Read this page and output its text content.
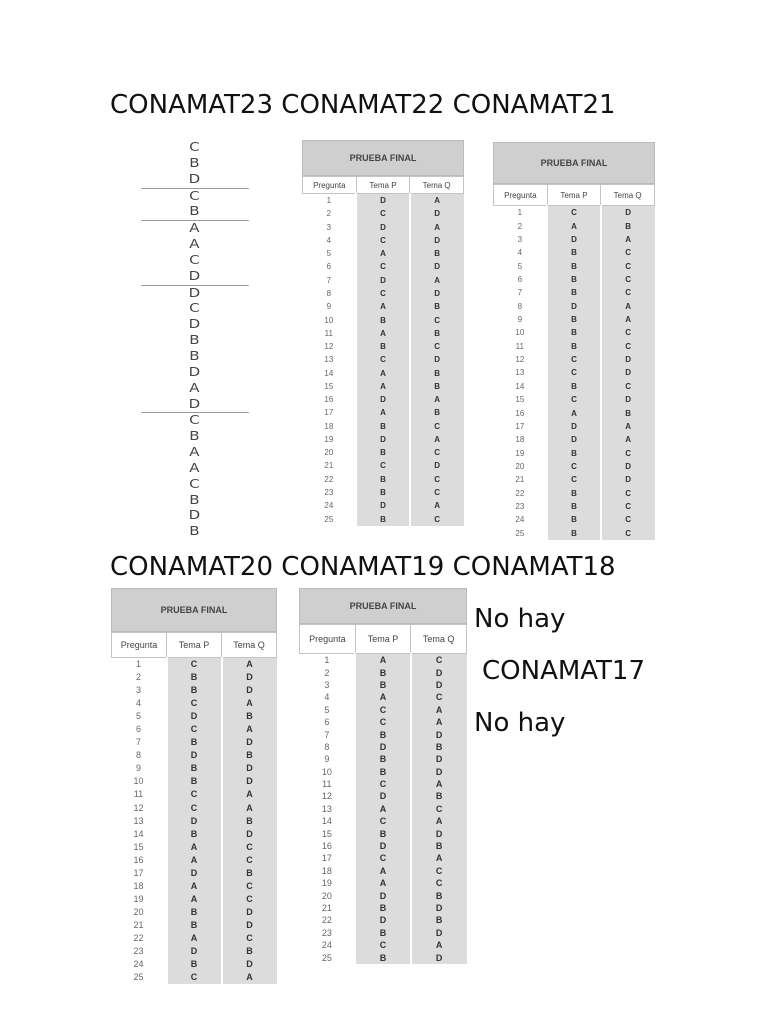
CONAMAT23 CONAMAT22 CONAMAT21
C
B
D
C
B
A
A
C
D
D
C
D
B
B
D
A
D
C
B
A
A
C
B
D
B
PRUEBA FINAL
Pregunta	Tema P	Tema Q
1	D	A
2	C	D
3	D	A
4	C	D
5	A	B
6	C	D
7	D	A
8	C	D
9	A	B
10	B	C
11	A	B
12	B	C
13	C	D
14	A	B
15	A	B
16	D	A
17	A	B
18	B	C
19	D	A
20	B	C
21	C	D
22	B	C
23	B	C
24	D	A
25	B	C
PRUEBA FINAL
Pregunta	Tema P	Tema Q
1	C	D
2	A	B
3	D	A
4	B	C
5	B	C
6	B	C
7	B	C
8	D	A
9	B	A
10	B	C
11	B	C
12	C	D
13	C	D
14	B	C
15	C	D
16	A	B
17	D	A
18	D	A
19	B	C
20	C	D
21	C	D
22	B	C
23	B	C
24	B	C
25	B	C
CONAMAT20 CONAMAT19 CONAMAT18
PRUEBA FINAL
Pregunta	Tema P	Tema Q
1	C	A
2	B	D
3	B	D
4	C	A
5	D	B
6	C	A
7	B	D
8	D	B
9	B	D
10	B	D
11	C	A
12	C	A
13	D	B
14	B	D
15	A	C
16	A	C
17	D	B
18	A	C
19	A	C
20	B	D
21	B	D
22	A	C
23	D	B
24	B	D
25	C	A
PRUEBA FINAL
Pregunta	Tema P	Tema Q
1	A	C
2	B	D
3	B	D
4	A	C
5	C	A
6	C	A
7	B	D
8	D	B
9	B	D
10	B	D
11	C	A
12	D	B
13	A	C
14	C	A
15	B	D
16	D	B
17	C	A
18	A	C
19	A	C
20	D	B
21	B	D
22	D	B
23	B	D
24	C	A
25	B	D
No hay
CONAMAT17
No hay
